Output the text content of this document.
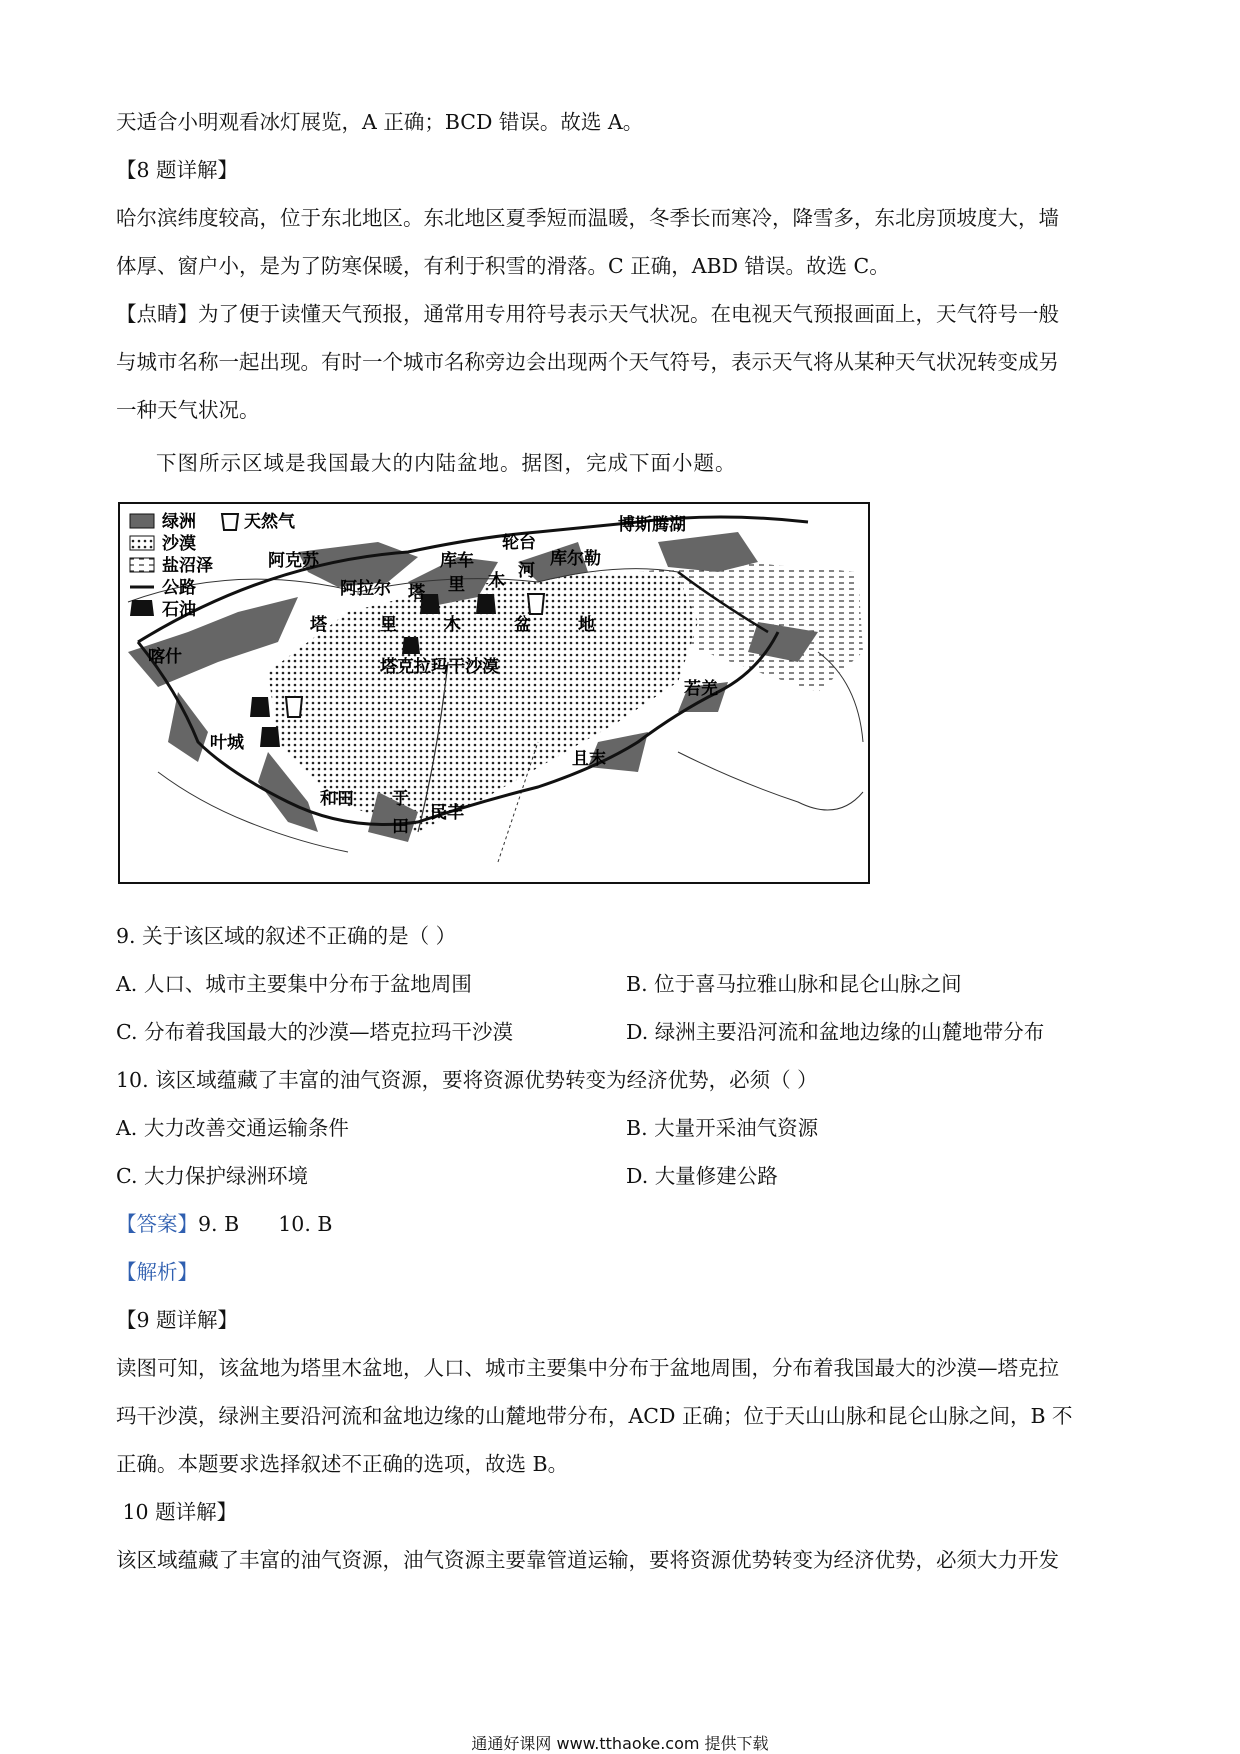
天适合小明观看冰灯展览，A 正确；BCD 错误。故选 A。
【8 题详解】
哈尔滨纬度较高，位于东北地区。东北地区夏季短而温暖，冬季长而寒冷，降雪多，东北房顶坡度大，墙
体厚、窗户小，是为了防寒保暖，有利于积雪的滑落。C 正确，ABD 错误。故选 C。
【点睛】为了便于读懂天气预报，通常用专用符号表示天气状况。在电视天气预报画面上，天气符号一般
与城市名称一起出现。有时一个城市名称旁边会出现两个天气符号，表示天气将从某种天气状况转变成另
一种天气状况。
下图所示区域是我国最大的内陆盆地。据图，完成下面小题。
绿洲
沙漠
盐沼泽
公路
石油
天然气
阿克苏	库车
轮台
博斯腾湖
阿拉尔
库尔勒
喀什
若羌
叶城
且末
和田 于
田
民丰
塔克拉玛干沙漠
塔 里 木 河
塔	里	木	盆	地
9. 关于该区域的叙述不正确的是（ ）
A. 人口、城市主要集中分布于盆地周围	B. 位于喜马拉雅山脉和昆仑山脉之间
C. 分布着我国最大的沙漠—塔克拉玛干沙漠	D. 绿洲主要沿河流和盆地边缘的山麓地带分布
10. 该区域蕴藏了丰富的油气资源，要将资源优势转变为经济优势，必须（ ）
A. 大力改善交通运输条件	B. 大量开采油气资源
C. 大力保护绿洲环境	D. 大量修建公路
【答案】9. B      10. B
【解析】
【9 题详解】
读图可知，该盆地为塔里木盆地，人口、城市主要集中分布于盆地周围，分布着我国最大的沙漠—塔克拉
玛干沙漠，绿洲主要沿河流和盆地边缘的山麓地带分布，ACD 正确；位于天山山脉和昆仑山脉之间，B 不
正确。本题要求选择叙述不正确的选项，故选 B。
10 题详解】
该区域蕴藏了丰富的油气资源，油气资源主要靠管道运输，要将资源优势转变为经济优势，必须大力开发
通通好课网 www.tthaoke.com 提供下载
